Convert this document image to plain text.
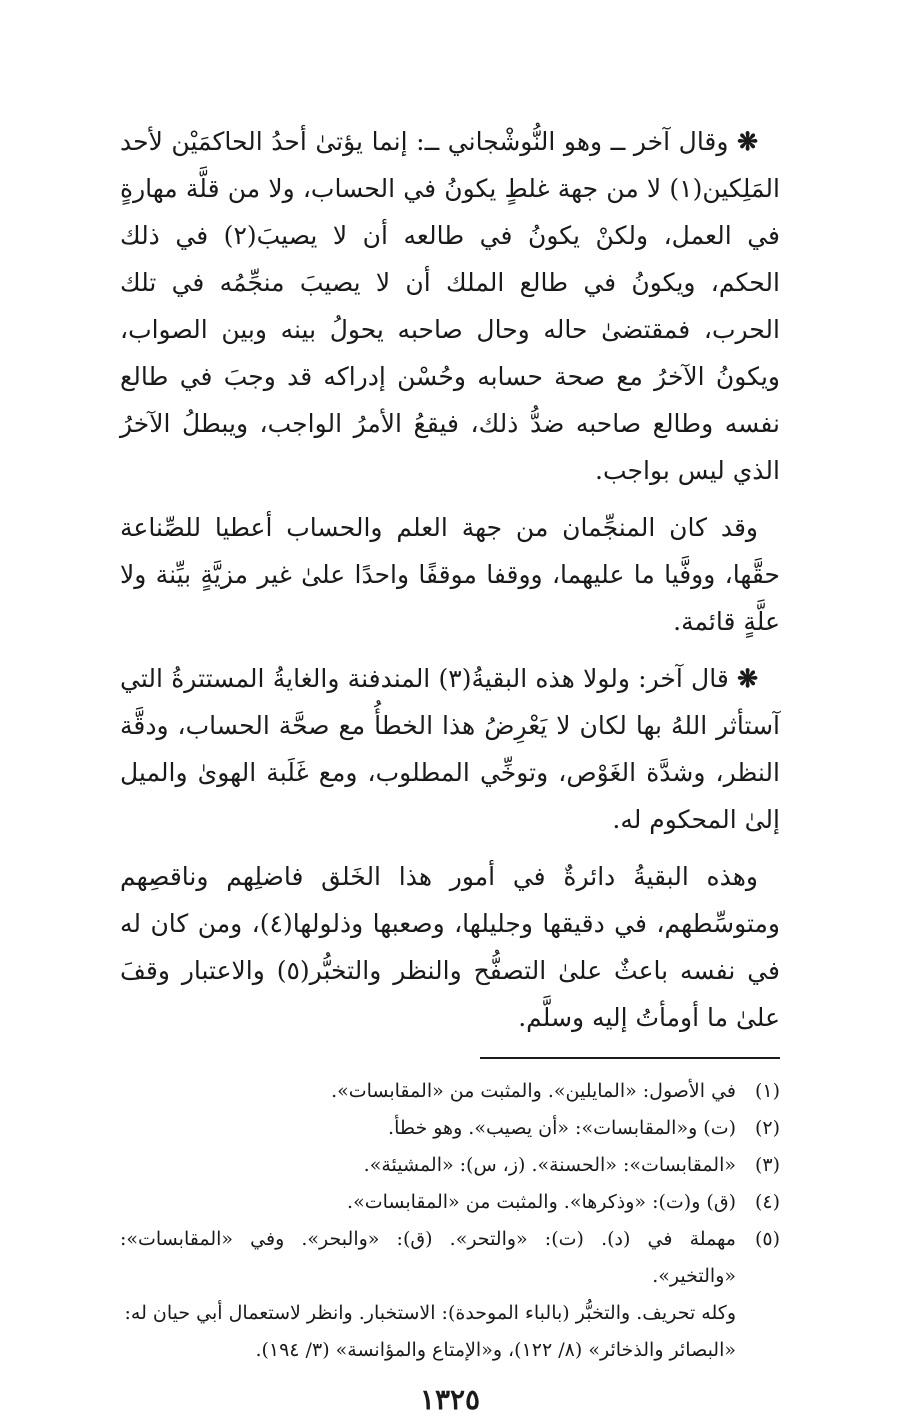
❋ وقال آخر ــ وهو النُّوشْجاني ــ: إنما يؤتىٰ أحدُ الحاكمَيْن لأحد المَلِكين(١) لا من جهة غلطٍ يكونُ في الحساب، ولا من قلَّة مهارةٍ في العمل، ولكنْ يكونُ في طالعه أن لا يصيبَ(٢) في ذلك الحكم، ويكونُ في طالع الملك أن لا يصيبَ منجِّمُه في تلك الحرب، فمقتضىٰ حاله وحال صاحبه يحولُ بينه وبين الصواب، ويكونُ الآخرُ مع صحة حسابه وحُسْن إدراكه قد وجبَ في طالع نفسه وطالع صاحبه ضدُّ ذلك، فيقعُ الأمرُ الواجب، ويبطلُ الآخرُ الذي ليس بواجب.

وقد كان المنجِّمان من جهة العلم والحساب أعطيا للصِّناعة حقَّها، ووفَّيا ما عليهما، ووقفا موقفًا واحدًا علىٰ غير مزيَّةٍ بيِّنة ولا علَّةٍ قائمة.

❋ قال آخر: ولولا هذه البقيةُ(٣) المندفنة والغايةُ المستترةُ التي آستأثر اللهُ بها لكان لا يَعْرِضُ هذا الخطأُ مع صحَّة الحساب، ودقَّة النظر، وشدَّة الغَوْص، وتوخِّي المطلوب، ومع غَلَبة الهوىٰ والميل إلىٰ المحكوم له.

وهذه البقيةُ دائرةٌ في أمور هذا الخَلق فاضلِهم وناقصِهم ومتوسِّطهم، في دقيقها وجليلها، وصعبها وذلولها(٤)، ومن كان له في نفسه باعثٌ علىٰ التصفُّح والنظر والتخبُّر(٥) والاعتبار وقفَ علىٰ ما أومأتُ إليه وسلَّم.

(١)
في الأصول: «المايلين». والمثبت من «المقابسات».
(٢)
(ت) و«المقابسات»: «أن يصيب». وهو خطأ.
(٣)
«المقابسات»: «الحسنة». (ز، س): «المشيئة».
(٤)
(ق) و(ت): «وذكرها». والمثبت من «المقابسات».
(٥)
مهملة في (د). (ت): «والتحر». (ق): «والبحر». وفي «المقابسات»: «والتخير».
وكله تحريف. والتخبُّر (بالباء الموحدة): الاستخبار. وانظر لاستعمال أبي حيان له:
«البصائر والذخائر» (٨/ ١٢٢)، و«الإمتاع والمؤانسة» (٣/ ١٩٤).
١٣٢٥
